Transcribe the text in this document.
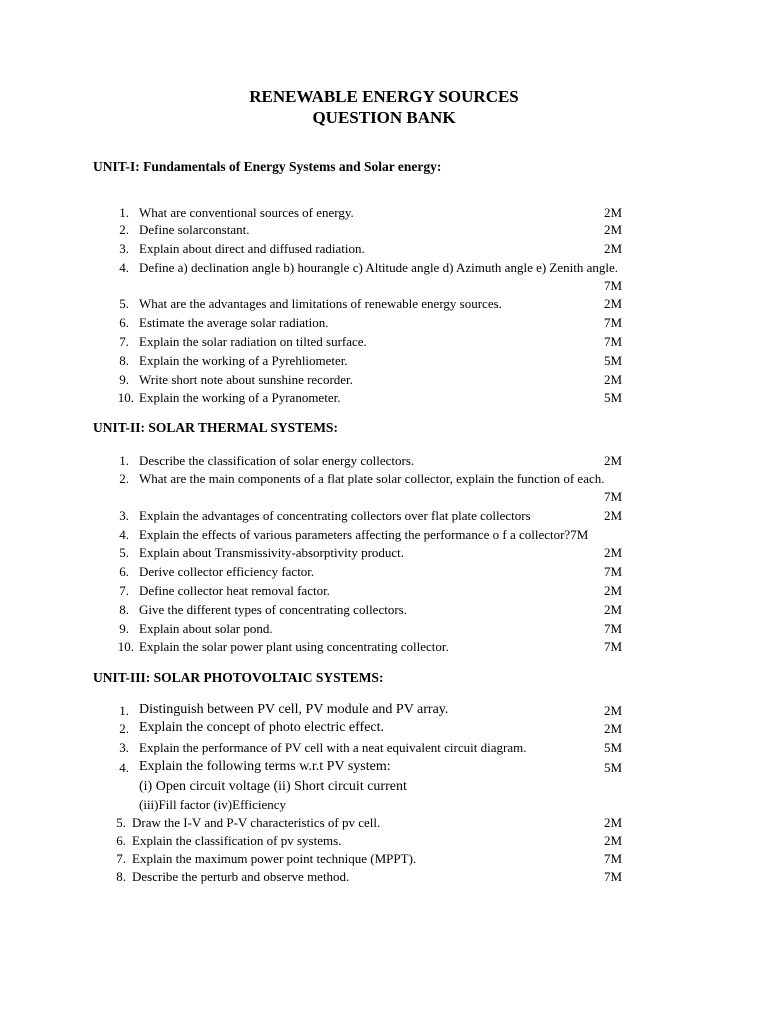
RENEWABLE ENERGY SOURCES
QUESTION BANK
UNIT-I: Fundamentals of Energy Systems and Solar energy:
1. What are conventional sources of energy.	2M
2. Define solarconstant.	2M
3. Explain about direct and diffused radiation.	2M
4. Define a) declination angle b) hourangle c) Altitude angle d) Azimuth angle e) Zenith angle.
7M
5. What are the advantages and limitations of renewable energy sources.	2M
6. Estimate the average solar radiation.	7M
7. Explain the solar radiation on tilted surface.	7M
8. Explain the working of a Pyrehliometer.	5M
9. Write short note about sunshine recorder.	2M
10. Explain the working of a Pyranometer.	5M
UNIT-II: SOLAR THERMAL SYSTEMS:
1. Describe the classification of solar energy collectors.	2M
2. What are the main components of a flat plate solar collector, explain the function of each.
7M
3. Explain the advantages of concentrating collectors over flat plate collectors	2M
4. Explain the effects of various parameters affecting the performance o f a collector?7M
5. Explain about Transmissivity-absorptivity product.	2M
6. Derive collector efficiency factor.	7M
7. Define collector heat removal factor.	2M
8. Give the different types of concentrating collectors.	2M
9. Explain about solar pond.	7M
10. Explain the solar power plant using concentrating collector.	7M
UNIT-III: SOLAR PHOTOVOLTAIC SYSTEMS:
1. Distinguish between PV cell, PV module and PV array.	2M
2. Explain the concept of photo electric effect.	2M
3. Explain the performance of PV cell with a neat equivalent circuit diagram.	5M
4. Explain the following terms w.r.t PV system:	5M
(i) Open circuit voltage (ii) Short circuit current
(iii)Fill factor (iv)Efficiency
5. Draw the I-V and P-V characteristics of pv cell.	2M
6. Explain the classification of pv systems.	2M
7. Explain the maximum power point technique (MPPT).	7M
8. Describe the perturb and observe method.	7M
